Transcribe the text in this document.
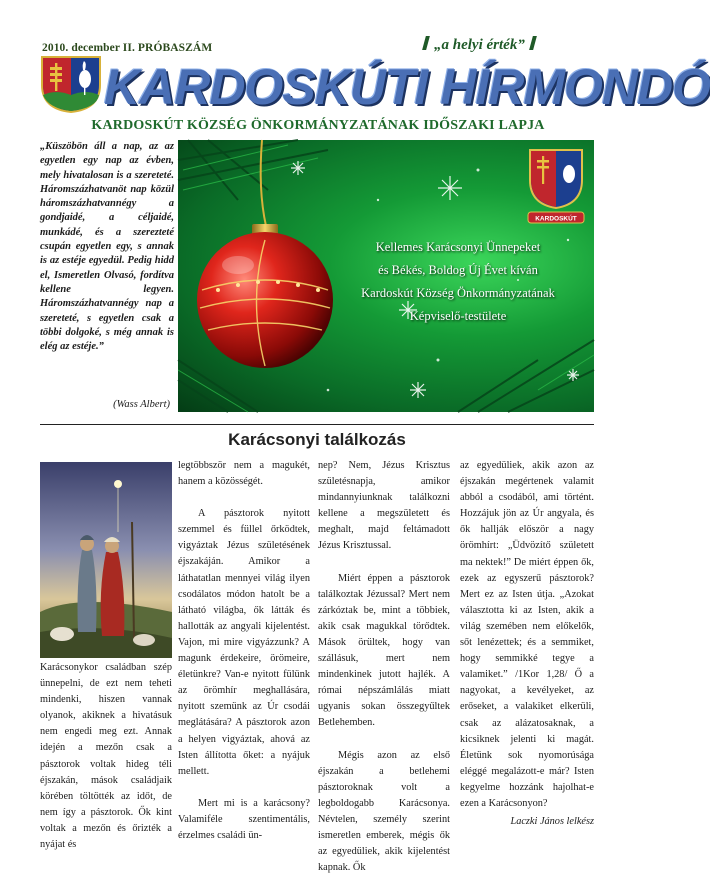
2010. december II. PRÓBASZÁM	„a helyi érték”
KARDOSKÚTI HÍRMONDÓ
KARDOSKÚT KÖZSÉG ÖNKORMÁNYZATÁNAK IDŐSZAKI LAPJA
„Küszöbön áll a nap, az az egyetlen egy nap az évben, mely hivatalosan is a szereteté. Háromszázhatvanöt nap közül háromszázhatvannégy a gondjaidé, a céljaidé, munkádé, és a szerezteté csupán egyetlen egy, s annak is az estéje egyedül. Pedig hidd el, Ismeretlen Olvasó, fordítva kellene legyen. Háromszázhatvannégy nap a szereteté, s egyetlen csak a többi dolgoké, s még annak is elég az estéje.”
(Wass Albert)
KARDOSKÚT
Kellemes Karácsonyi Ünnepeket
és Békés, Boldog Új Évet kíván
Kardoskút Község Önkormányzatának
Képviselő-testülete
Karácsonyi találkozás

Karácsonykor családban szép ünnepelni, de ezt nem teheti mindenki, hiszen vannak olyanok, akiknek a hivatásuk nem engedi meg ezt. Annak idején a mezőn csak a pásztorok voltak hideg téli éjszakán, mások családjaik körében töltötték az időt, de nem így a pásztorok. Ők kint voltak a mezőn és őrizték a nyájat és

legtöbbször nem a magukét, hanem a közösségét.

A pásztorok nyitott szemmel és füllel őrködtek, vigyáztak Jézus születésének éjszakáján. Amikor a láthatatlan mennyei világ ilyen csodálatos módon hatolt be a látható világba, ők látták és hallották az angyali kijelentést. Vajon, mi mire vigyázzunk? A magunk érdekeire, örömeire, életünkre? Van-e nyitott fülünk az örömhír meghallására, nyitott szemünk az Úr csodái meglátására? A pásztorok azon a helyen vigyáztak, ahová az Isten állította őket: a nyájuk mellett.

Mert mi is a karácsony? Valamiféle szentimentális, érzelmes családi ün-

nep? Nem, Jézus Krisztus születésnapja, amikor mindannyiunknak találkozni kellene a megszületett és meghalt, majd feltámadott Jézus Krisztussal.

Miért éppen a pásztorok találkoztak Jézussal? Mert nem zárkóztak be, mint a többiek, akik csak magukkal törődtek. Mások örültek, hogy van szállásuk, mert nem mindenkinek jutott hajlék. A római népszámlálás miatt ugyanis sokan összegyűltek Betlehemben.

Mégis azon az első éjszakán a betlehemi pásztoroknak volt a legboldogabb Karácsonya. Névtelen, személy szerint ismeretlen emberek, mégis ők az egyedüliek, akik kijelentést kapnak. Ők

az egyedüliek, akik azon az éjszakán megértenek valamit abból a csodából, ami történt. Hozzájuk jön az Úr angyala, és ők hallják először a nagy örömhírt: „Üdvözítő született ma nektek!” De miért éppen ők, ezek az egyszerű pásztorok? Mert ez az Isten útja. „Azokat választotta ki az Isten, akik a világ szemében nem előkelők, sőt lenézettek; és a semmiket, hogy semmikké tegye a valamiket.” /1Kor 1,28/ Ő a nagyokat, a kevélyeket, az erőseket, a valakiket elkerüli, csak az alázatosaknak, a kicsiknek jelenti ki magát. Életünk sok nyomorúsága eléggé megalázott-e már? Isten kegyelme hozzánk hajolhat-e ezen a Karácsonyon?

Laczki János lelkész
